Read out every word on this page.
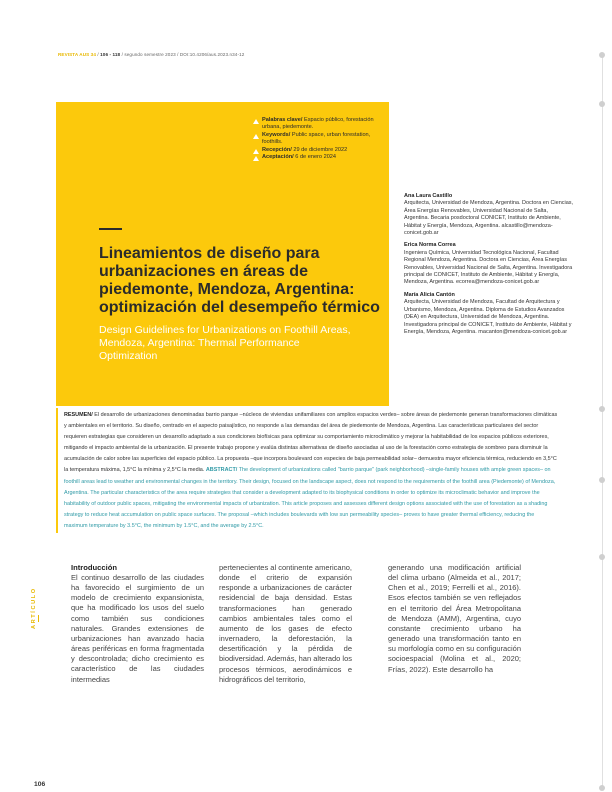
REVISTA AUS 34 / 106 - 118 / segundo semestre 2023 / DOI:10.4206/aus.2023.n34-12
Palabras clave/ Espacio público, forestación urbana, piedemonte.
Keywords/ Public space, urban forestation, foothills.
Recepción/ 29 de diciembre 2022
Aceptación/ 6 de enero 2024
Lineamientos de diseño para urbanizaciones en áreas de piedemonte, Mendoza, Argentina: optimización del desempeño térmico
Design Guidelines for Urbanizations on Foothill Areas, Mendoza, Argentina: Thermal Performance Optimization
Ana Laura Castillo
Arquitecta, Universidad de Mendoza, Argentina. Doctora en Ciencias, Área Energías Renovables, Universidad Nacional de Salta, Argentina. Becaria posdoctoral CONICET, Instituto de Ambiente, Hábitat y Energía, Mendoza, Argentina. alcastillo@mendoza-conicet.gob.ar
Erica Norma Correa
Ingeniera Química, Universidad Tecnológica Nacional, Facultad Regional Mendoza, Argentina. Doctora en Ciencias, Área Energías Renovables, Universidad Nacional de Salta, Argentina. Investigadora principal de CONICET, Instituto de Ambiente, Hábitat y Energía, Mendoza, Argentina. ecorrea@mendoza-conicet.gob.ar
María Alicia Cantón
Arquitecta, Universidad de Mendoza, Facultad de Arquitectura y Urbanismo, Mendoza, Argentina. Diploma de Estudios Avanzados (DEA) en Arquitectura, Universidad de Mendoza, Argentina. Investigadora principal de CONICET, Instituto de Ambiente, Hábitat y Energía, Mendoza, Argentina. macanton@mendoza-conicet.gob.ar
RESUMEN/ El desarrollo de urbanizaciones denominadas barrio parque –núcleos de viviendas unifamiliares con amplios espacios verdes– sobre áreas de piedemonte generan transformaciones climáticas y ambientales en el territorio. Su diseño, centrado en el aspecto paisajístico, no responde a las demandas del área de piedemonte de Mendoza, Argentina. Las características particulares del sector requieren estrategias que consideren un desarrollo adaptado a sus condiciones biofísicas para optimizar su comportamiento microclimático y mejorar la habitabilidad de los espacios públicos exteriores, mitigando el impacto ambiental de la urbanización. El presente trabajo propone y evalúa distintas alternativas de diseño asociadas al uso de la forestación como estrategia de sombreo para disminuir la acumulación de calor sobre las superficies del espacio público. La propuesta –que incorpora boulevard con especies de baja permeabilidad solar– demuestra mayor eficiencia térmica, reduciendo en 3,5°C la temperatura máxima, 1,5°C la mínima y 2,5°C la media. ABSTRACT/ The development of urbanizations called "barrio parque" (park neighborhood) –single-family houses with ample green spaces– on foothill areas lead to weather and environmental changes in the territory. Their design, focused on the landscape aspect, does not respond to the requirements of the foothill area (Piedemonte) of Mendoza, Argentina. The particular characteristics of the area require strategies that consider a development adapted to its biophysical conditions in order to optimize its microclimatic behavior and improve the habitability of outdoor public spaces, mitigating the environmental impacts of urbanization. This article proposes and assesses different design options associated with the use of forestation as a shading strategy to reduce heat accumulation on public space surfaces. The proposal –which includes boulevards with low sun permeability species– proves to have greater thermal efficiency, reducing the maximum temperature by 3.5°C, the minimum by 1.5°C, and the average by 2.5°C.
Introducción
El continuo desarrollo de las ciudades ha favorecido el surgimiento de un modelo de crecimiento expansionista, que ha modificado los usos del suelo como también sus condiciones naturales. Grandes extensiones de urbanizaciones han avanzado hacia áreas periféricas en forma fragmentada y descontrolada; dicho crecimiento es característico de las ciudades intermedias
pertenecientes al continente americano, donde el criterio de expansión responde a urbanizaciones de carácter residencial de baja densidad. Estas transformaciones han generado cambios ambientales tales como el aumento de los gases de efecto invernadero, la deforestación, la desertificación y la pérdida de biodiversidad. Además, han alterado los procesos térmicos, aerodinámicos e hidrográficos del territorio,
generando una modificación artificial del clima urbano (Almeida et al., 2017; Chen et al., 2019; Ferrelli et al., 2016). Esos efectos también se ven reflejados en el territorio del Área Metropolitana de Mendoza (AMM), Argentina, cuyo constante crecimiento urbano ha generado una transformación tanto en su morfología como en su configuración socioespacial (Molina et al., 2020; Frías, 2022). Este desarrollo ha
ARTÍCULO
106
